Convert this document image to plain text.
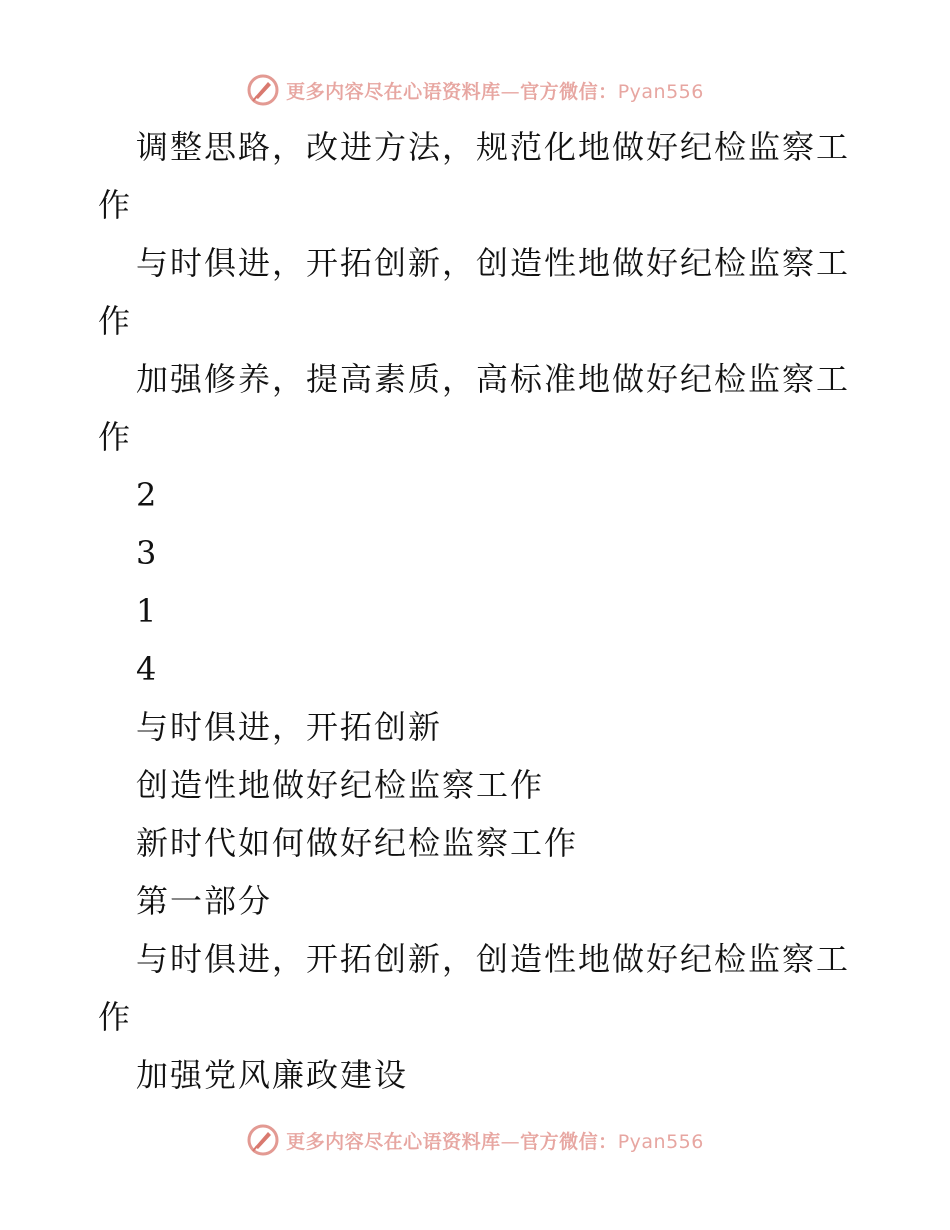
更多内容尽在心语资料库—官方微信：Pyan556

调整思路，改进方法，规范化地做好纪检监察工作

与时俱进，开拓创新，创造性地做好纪检监察工作

加强修养，提高素质，高标准地做好纪检监察工作

2

3

1

4

与时俱进，开拓创新

创造性地做好纪检监察工作

新时代如何做好纪检监察工作

第一部分

与时俱进，开拓创新，创造性地做好纪检监察工作

加强党风廉政建设

更多内容尽在心语资料库—官方微信：Pyan556
